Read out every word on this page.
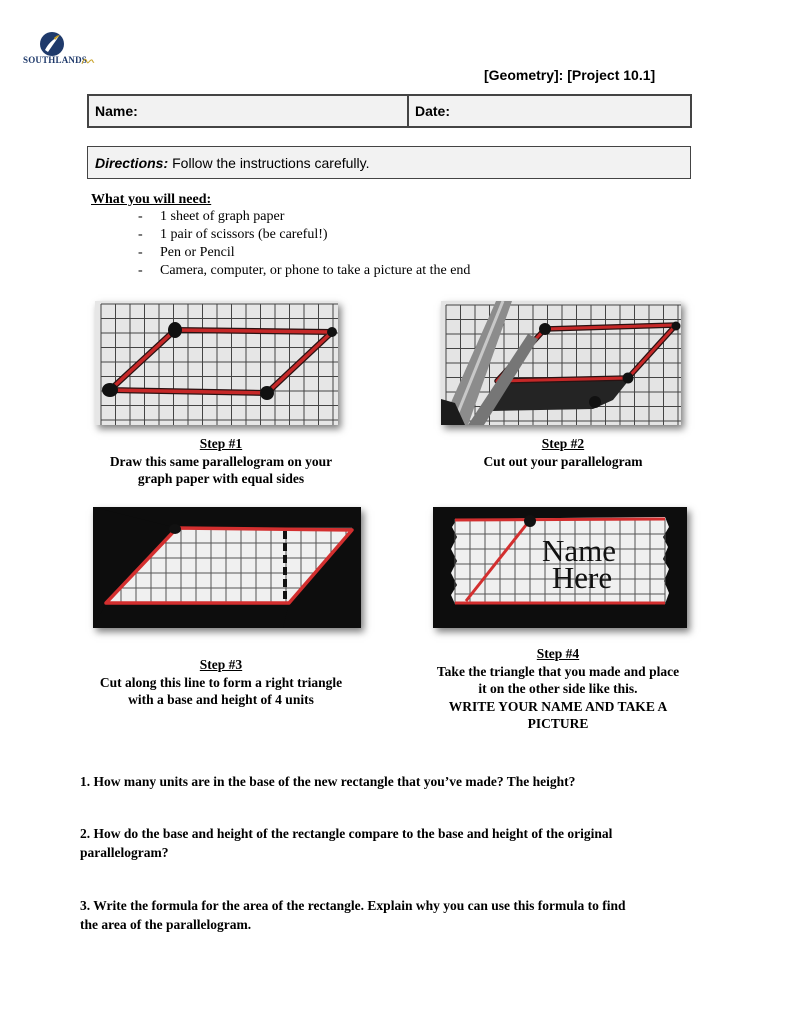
SOUTHLANDS
[Geometry]: [Project 10.1]
Name:	Date:
Directions: Follow the instructions carefully.
What you will need:
-	1 sheet of graph paper
-	1 pair of scissors (be careful!)
-	Pen or Pencil
-	Camera, computer, or phone to take a picture at the end
Step #1
Draw this same parallelogram on your
graph paper with equal sides
Step #2
Cut out your parallelogram
Name
Here
Step #4
Take the triangle that you made and place
it on the other side like this.
WRITE YOUR NAME AND TAKE A
PICTURE
Step #3
Cut along this line to form a right triangle
with a base and height of 4 units
1. How many units are in the base of the new rectangle that you’ve made? The height?
2. How do the base and height of the rectangle compare to the base and height of the original
parallelogram?
3. Write the formula for the area of the rectangle. Explain why you can use this formula to find
the area of the parallelogram.
